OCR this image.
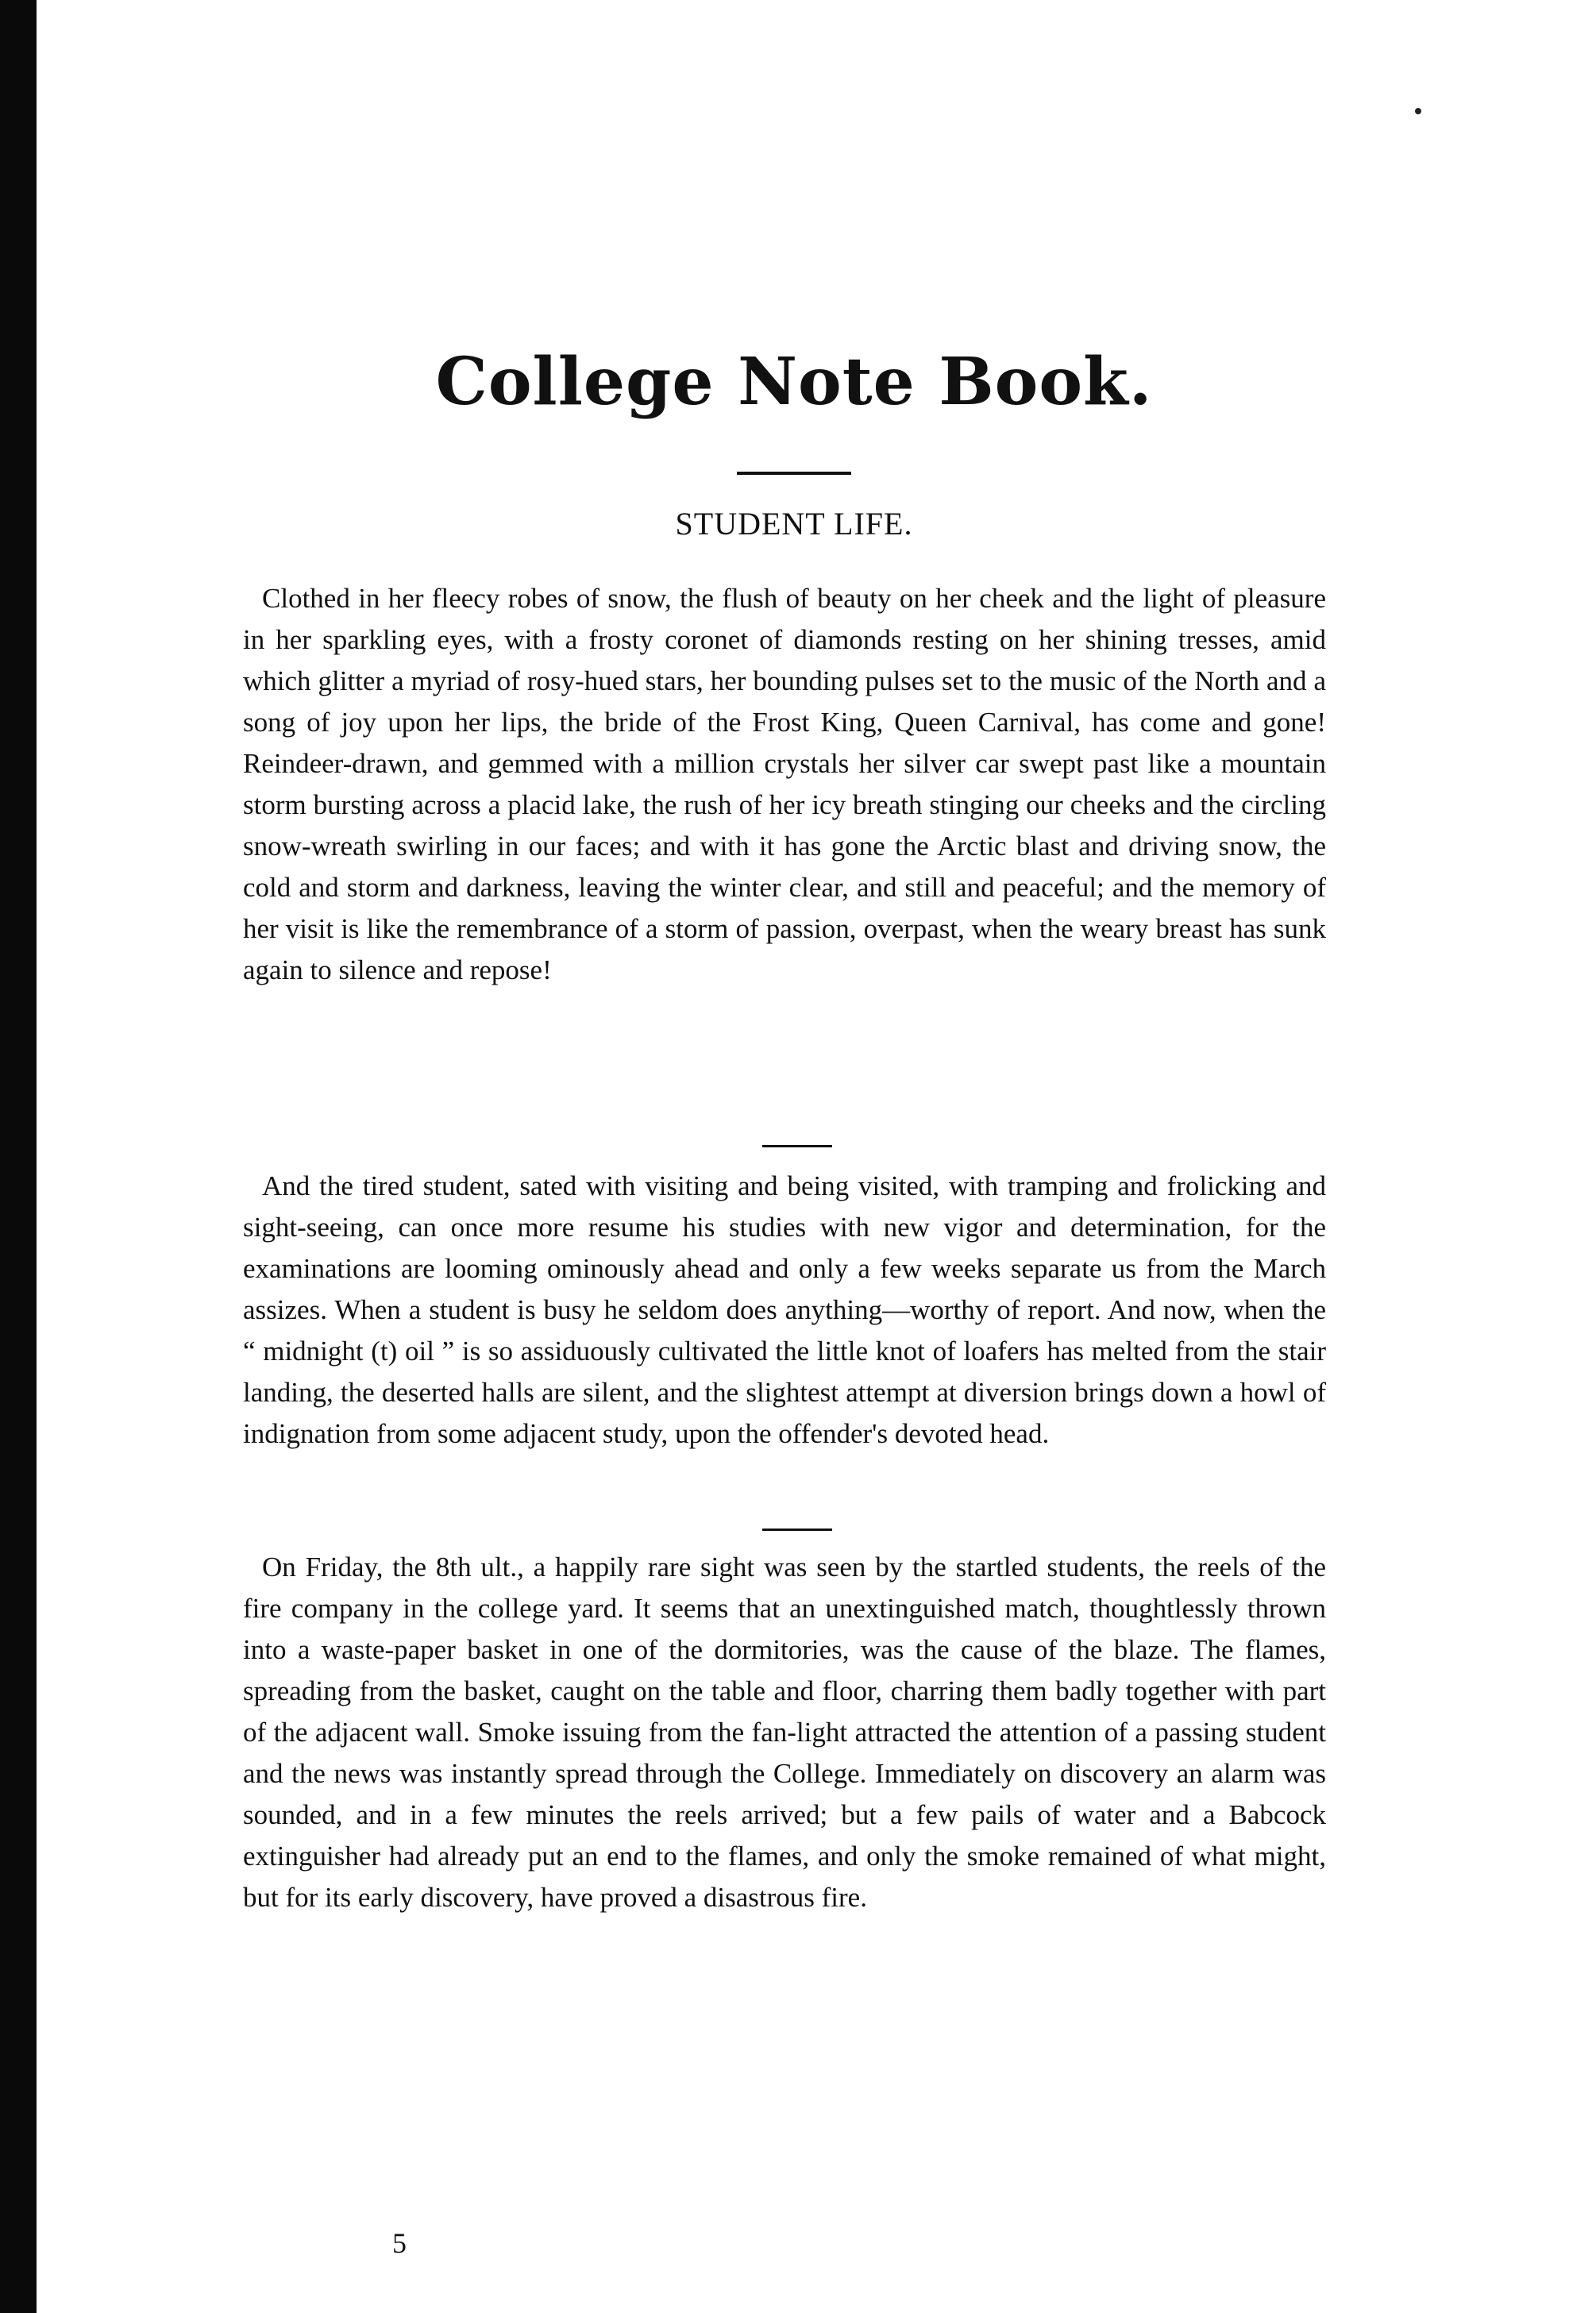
College Note Book.
STUDENT LIFE.

Clothed in her fleecy robes of snow, the flush of beauty on her cheek and the light of pleasure in her sparkling eyes, with a frosty coronet of diamonds resting on her shining tresses, amid which glitter a myriad of rosy-hued stars, her bounding pulses set to the music of the North and a song of joy upon her lips, the bride of the Frost King, Queen Carnival, has come and gone! Reindeer-drawn, and gemmed with a million crystals her silver car swept past like a mountain storm bursting across a placid lake, the rush of her icy breath stinging our cheeks and the circling snow-wreath swirling in our faces; and with it has gone the Arctic blast and driving snow, the cold and storm and darkness, leaving the winter clear, and still and peaceful; and the memory of her visit is like the remembrance of a storm of passion, overpast, when the weary breast has sunk again to silence and repose!

And the tired student, sated with visiting and being visited, with tramping and frolicking and sight-seeing, can once more resume his studies with new vigor and determination, for the examinations are looming ominously ahead and only a few weeks separate us from the March assizes. When a student is busy he seldom does anything—worthy of report. And now, when the “ midnight (t) oil ” is so assiduously cultivated the little knot of loafers has melted from the stair landing, the deserted halls are silent, and the slightest attempt at diversion brings down a howl of indignation from some adjacent study, upon the offender's devoted head.

On Friday, the 8th ult., a happily rare sight was seen by the startled students, the reels of the fire company in the college yard. It seems that an unextinguished match, thoughtlessly thrown into a waste-paper basket in one of the dormitories, was the cause of the blaze. The flames, spreading from the basket, caught on the table and floor, charring them badly together with part of the adjacent wall. Smoke issuing from the fan-light attracted the attention of a passing student and the news was instantly spread through the College. Immediately on discovery an alarm was sounded, and in a few minutes the reels arrived; but a few pails of water and a Babcock extinguisher had already put an end to the flames, and only the smoke remained of what might, but for its early discovery, have proved a disastrous fire.

5
